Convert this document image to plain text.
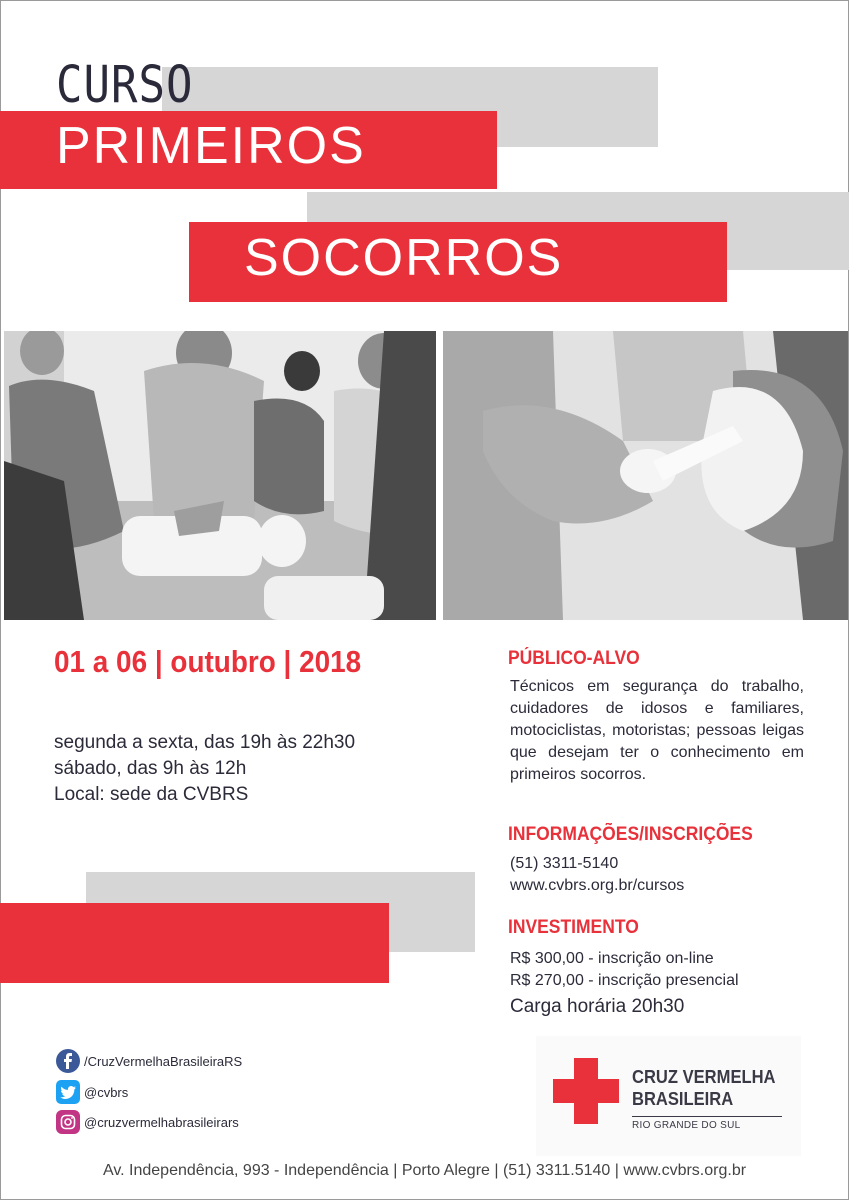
CURSO
PRIMEIROS
SOCORROS
01 a 06 | outubro | 2018
segunda a sexta, das 19h às 22h30
sábado, das 9h às 12h
Local: sede da CVBRS
PÚBLICO-ALVO
Técnicos em segurança do trabalho, cuidadores de idosos e familiares, motociclistas, motoristas; pessoas leigas que desejam ter o conhecimento em primeiros socorros.
INFORMAÇÕES/INSCRIÇÕES
(51) 3311-5140
www.cvbrs.org.br/cursos
INVESTIMENTO
R$ 300,00 - inscrição on-line
R$ 270,00 - inscrição presencial
Carga horária 20h30
/CruzVermelhaBrasileiraRS
@cvbrs
@cruzvermelhabrasileirars
CRUZ VERMELHA
BRASILEIRA
RIO GRANDE DO SUL
Av. Independência, 993 - Independência | Porto Alegre | (51) 3311.5140 | www.cvbrs.org.br
